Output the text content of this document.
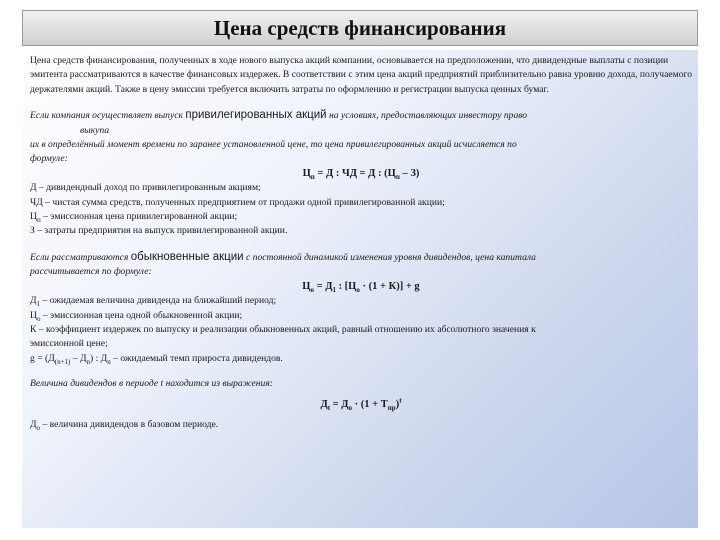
Цена средств финансирования

Цена средств финансирования, полученных в ходе нового выпуска акций компании, основывается на предположении, что дивидендные выплаты с позиции эмитента рассматриваются в качестве финансовых издержек. В соответствии с этим цена акций предприятий приблизительно равна уровню дохода, получаемого держателями акций. Также в цену эмиссии требуется включить затраты по оформлению и регистрации выпуска ценных бумаг.

Если компания осуществляет выпуск привилегированных акций на условиях, предоставляющих инвестору право

выкупа

их в определённый момент времени по заранее установленной цене, то цена привилегированных акций исчисляется по

формуле:

$Ц_п = Д$ : ЧД = Д : $(Ц_п - З)$

Д – дивидендный доход по привилегированным акциям;

ЧД – чистая сумма средств, полученных предприятием от продажи одной привилегированной акции;

$Ц_п$ – эмиссионная цена привилегированной акции;

З – затраты предприятия на выпуск привилегированной акции.

Если рассматриваются обыкновенные акции с постоянной динамикой изменения уровня дивидендов, цена капитала

рассчитывается по формуле:

$Ц_о = Д_1$ : $[Ц_о \cdot (1 + К)] + g$

$Д_1$ – ожидаемая величина дивиденда на ближайший период;

$Ц_о$ – эмиссионная цена одной обыкновенной акции;

К – коэффициент издержек по выпуску и реализации обыкновенных акций, равный отношению их абсолютного значения к

эмиссионной цене;

$g = (Д_{(n+1)} - Д_n)$ : $Д_n$ – ожидаемый темп прироста дивидендов.

Величина дивидендов в периоде t находится из выражения:

$Д_t = Д_о \cdot (1 + Т_{пр})^t$

$Д_о$ – величина дивидендов в базовом периоде.
